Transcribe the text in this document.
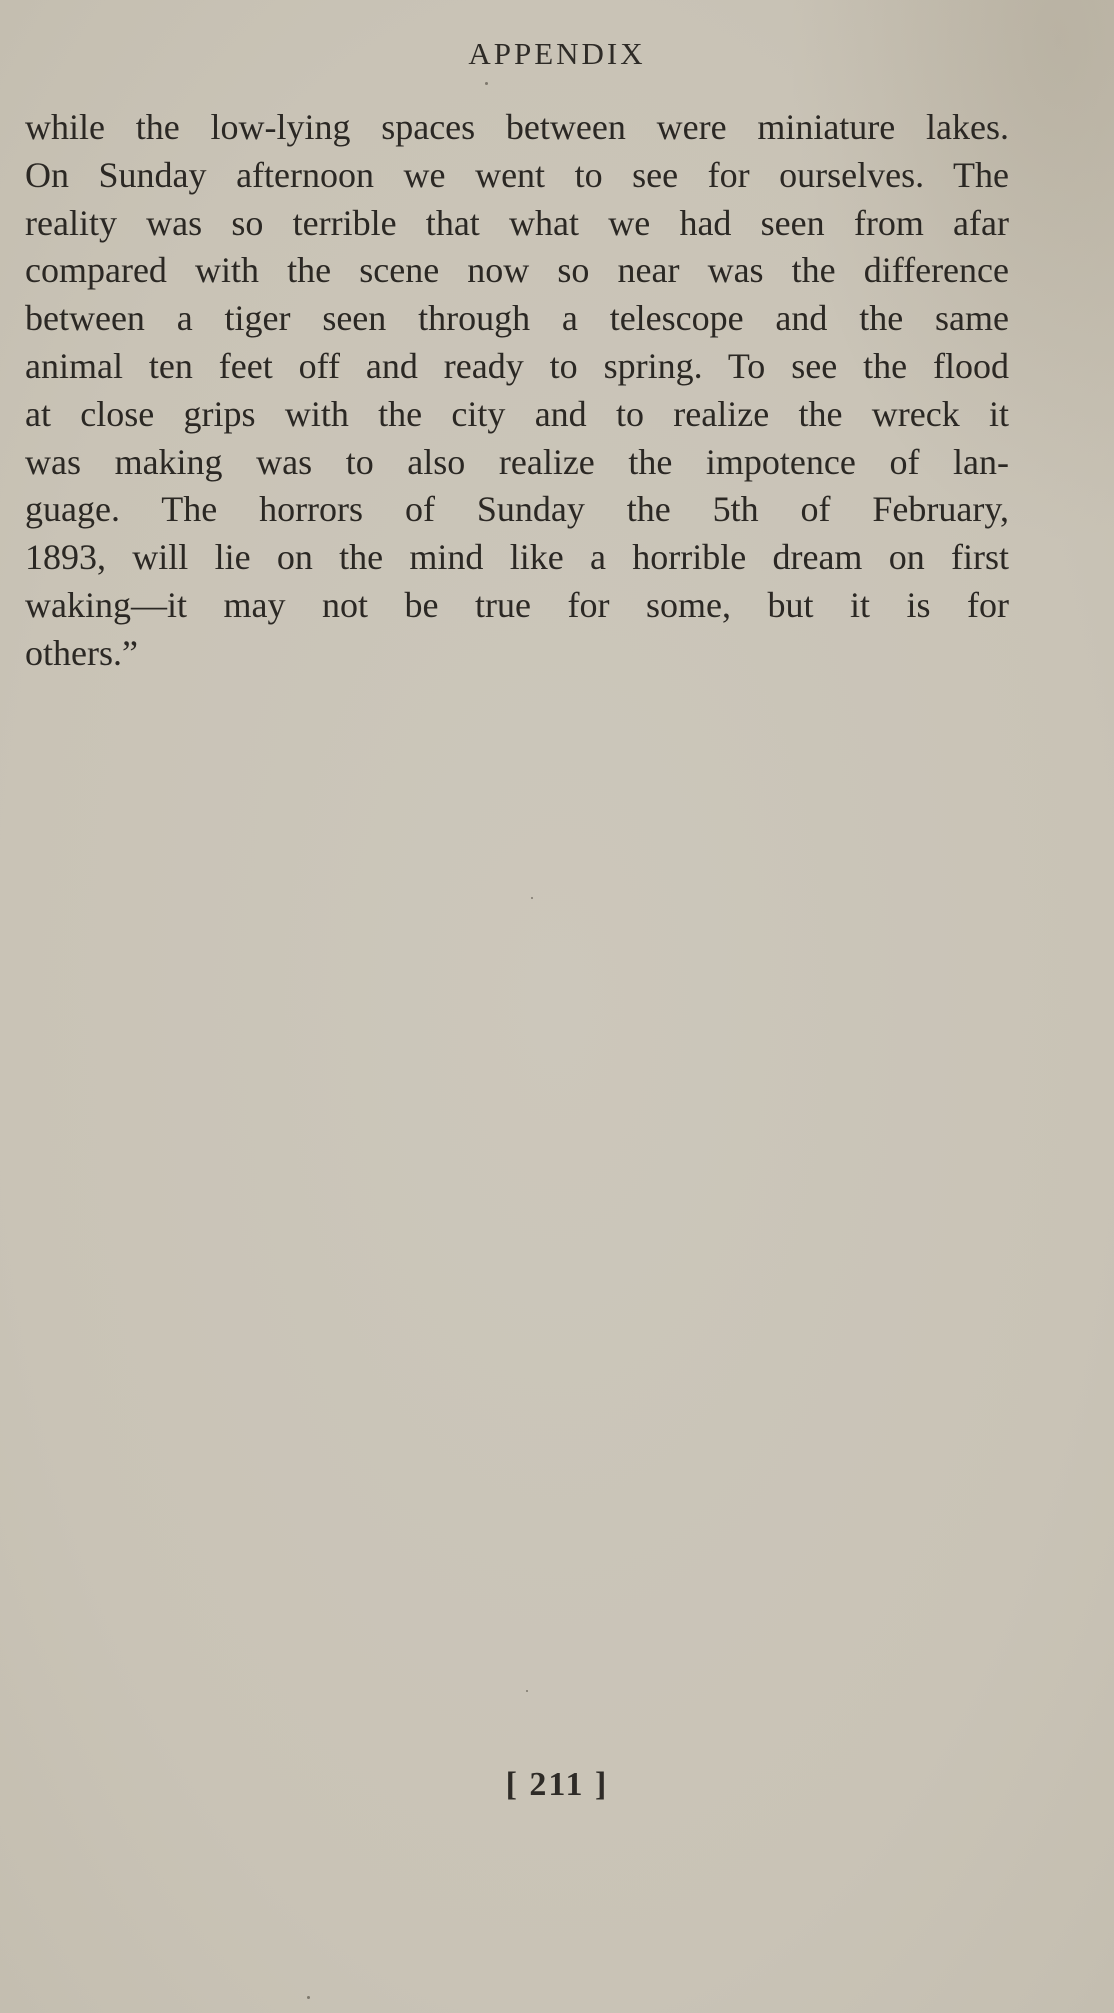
APPENDIX
while the low-lying spaces between were miniature lakes.
On Sunday afternoon we went to see for ourselves. The
reality was so terrible that what we had seen from afar
compared with the scene now so near was the difference
between a tiger seen through a telescope and the same
animal ten feet off and ready to spring. To see the flood
at close grips with the city and to realize the wreck it
was making was to also realize the impotence of lan-
guage. The horrors of Sunday the 5th of February,
1893, will lie on the mind like a horrible dream on first
waking—it may not be true for some, but it is for
others.”
[ 211 ]
